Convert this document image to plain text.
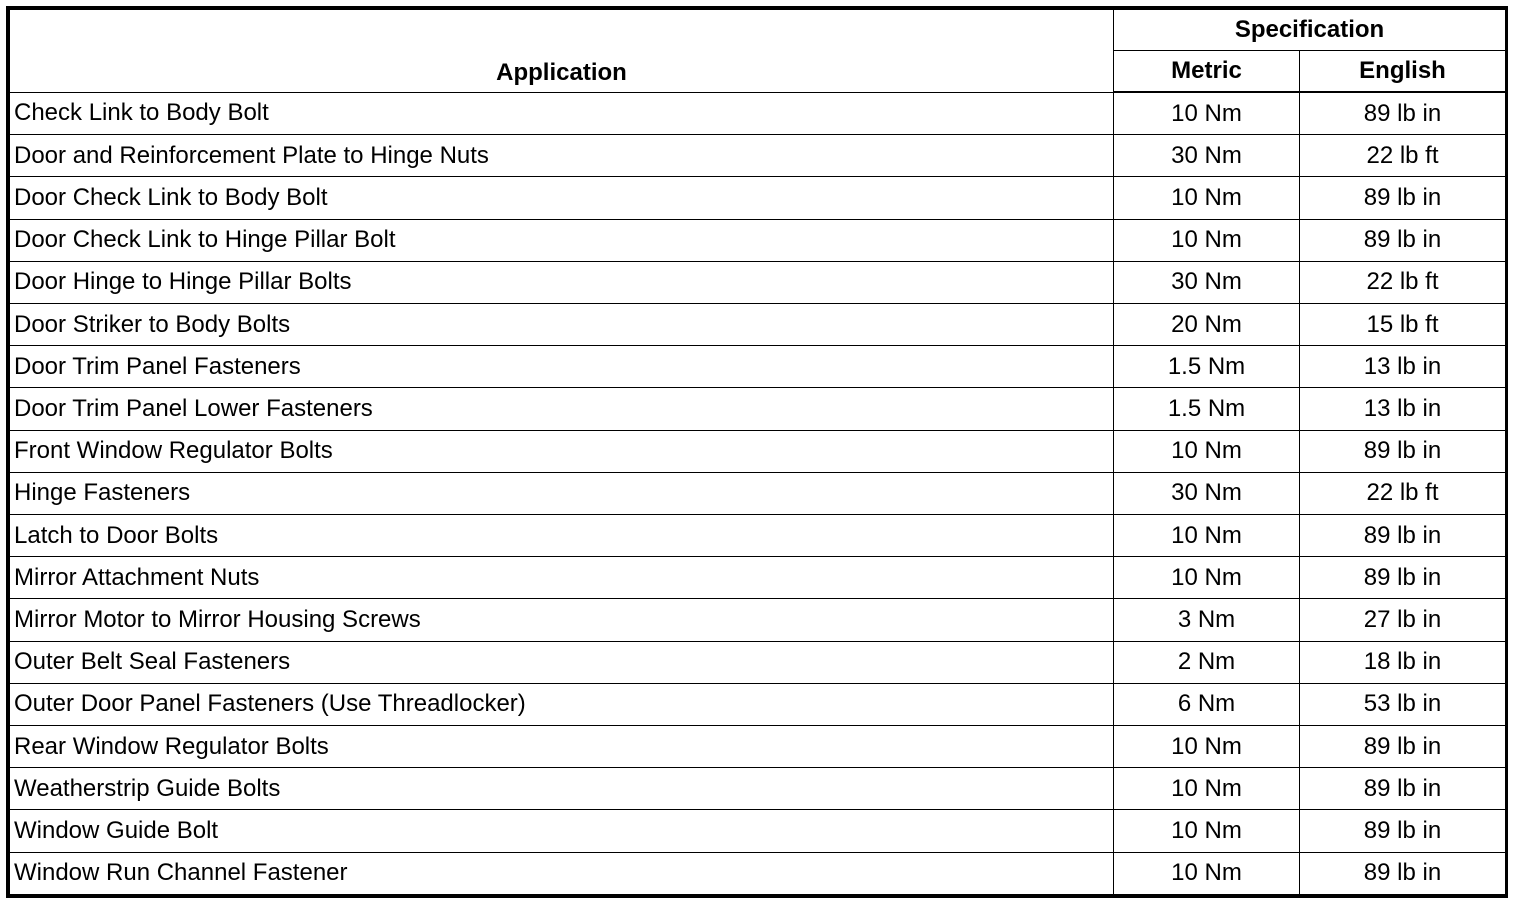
Application	Specification	
	Metric	English
Check Link to Body Bolt	10 Nm	89 lb in
Door and Reinforcement Plate to Hinge Nuts	30 Nm	22 lb ft
Door Check Link to Body Bolt	10 Nm	89 lb in
Door Check Link to Hinge Pillar Bolt	10 Nm	89 lb in
Door Hinge to Hinge Pillar Bolts	30 Nm	22 lb ft
Door Striker to Body Bolts	20 Nm	15 lb ft
Door Trim Panel Fasteners	1.5 Nm	13 lb in
Door Trim Panel Lower Fasteners	1.5 Nm	13 lb in
Front Window Regulator Bolts	10 Nm	89 lb in
Hinge Fasteners	30 Nm	22 lb ft
Latch to Door Bolts	10 Nm	89 lb in
Mirror Attachment Nuts	10 Nm	89 lb in
Mirror Motor to Mirror Housing Screws	3 Nm	27 lb in
Outer Belt Seal Fasteners	2 Nm	18 lb in
Outer Door Panel Fasteners (Use Threadlocker)	6 Nm	53 lb in
Rear Window Regulator Bolts	10 Nm	89 lb in
Weatherstrip Guide Bolts	10 Nm	89 lb in
Window Guide Bolt	10 Nm	89 lb in
Window Run Channel Fastener	10 Nm	89 lb in
